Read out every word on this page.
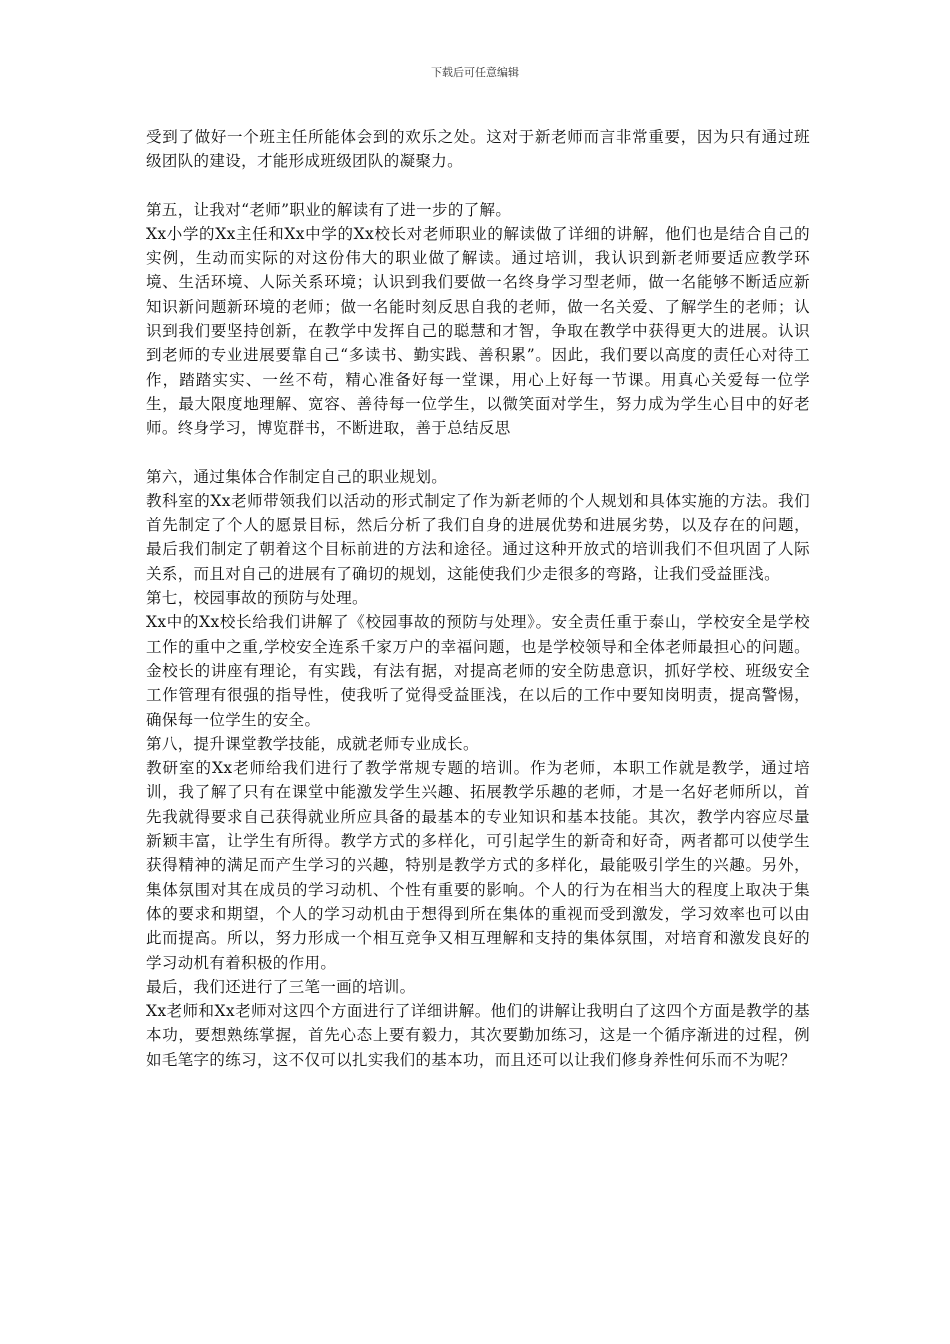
下载后可任意编辑

受到了做好一个班主任所能体会到的欢乐之处。这对于新老师而言非常重要，因为只有通过班级团队的建设，才能形成班级团队的凝聚力。

第五，让我对“老师”职业的解读有了进一步的了解。

Xx小学的Xx主任和Xx中学的Xx校长对老师职业的解读做了详细的讲解，他们也是结合自己的实例，生动而实际的对这份伟大的职业做了解读。通过培训，我认识到新老师要适应教学环境、生活环境、人际关系环境；认识到我们要做一名终身学习型老师，做一名能够不断适应新知识新问题新环境的老师；做一名能时刻反思自我的老师，做一名关爱、了解学生的老师；认识到我们要坚持创新，在教学中发挥自己的聪慧和才智，争取在教学中获得更大的进展。认识到老师的专业进展要靠自己“多读书、勤实践、善积累”。因此，我们要以高度的责任心对待工作，踏踏实实、一丝不苟，精心准备好每一堂课，用心上好每一节课。用真心关爱每一位学生，最大限度地理解、宽容、善待每一位学生，以微笑面对学生，努力成为学生心目中的好老师。终身学习，博览群书，不断进取，善于总结反思

第六，通过集体合作制定自己的职业规划。

教科室的Xx老师带领我们以活动的形式制定了作为新老师的个人规划和具体实施的方法。我们首先制定了个人的愿景目标，然后分析了我们自身的进展优势和进展劣势，以及存在的问题，最后我们制定了朝着这个目标前进的方法和途径。通过这种开放式的培训我们不但巩固了人际关系，而且对自己的进展有了确切的规划，这能使我们少走很多的弯路，让我们受益匪浅。

第七，校园事故的预防与处理。

Xx中的Xx校长给我们讲解了《校园事故的预防与处理》。安全责任重于泰山，学校安全是学校工作的重中之重,学校安全连系千家万户的幸福问题，也是学校领导和全体老师最担心的问题。金校长的讲座有理论，有实践，有法有据，对提高老师的安全防患意识，抓好学校、班级安全工作管理有很强的指导性，使我听了觉得受益匪浅，在以后的工作中要知岗明责，提高警惕，确保每一位学生的安全。

第八，提升课堂教学技能，成就老师专业成长。

教研室的Xx老师给我们进行了教学常规专题的培训。作为老师，本职工作就是教学，通过培训，我了解了只有在课堂中能激发学生兴趣、拓展教学乐趣的老师，才是一名好老师所以，首先我就得要求自己获得就业所应具备的最基本的专业知识和基本技能。其次，教学内容应尽量新颖丰富，让学生有所得。教学方式的多样化，可引起学生的新奇和好奇，两者都可以使学生获得精神的满足而产生学习的兴趣，特别是教学方式的多样化，最能吸引学生的兴趣。另外，集体氛围对其在成员的学习动机、个性有重要的影响。个人的行为在相当大的程度上取决于集体的要求和期望，个人的学习动机由于想得到所在集体的重视而受到激发，学习效率也可以由此而提高。所以，努力形成一个相互竞争又相互理解和支持的集体氛围，对培育和激发良好的学习动机有着积极的作用。

最后，我们还进行了三笔一画的培训。

Xx老师和Xx老师对这四个方面进行了详细讲解。他们的讲解让我明白了这四个方面是教学的基本功，要想熟练掌握，首先心态上要有毅力，其次要勤加练习，这是一个循序渐进的过程，例如毛笔字的练习，这不仅可以扎实我们的基本功，而且还可以让我们修身养性何乐而不为呢？
